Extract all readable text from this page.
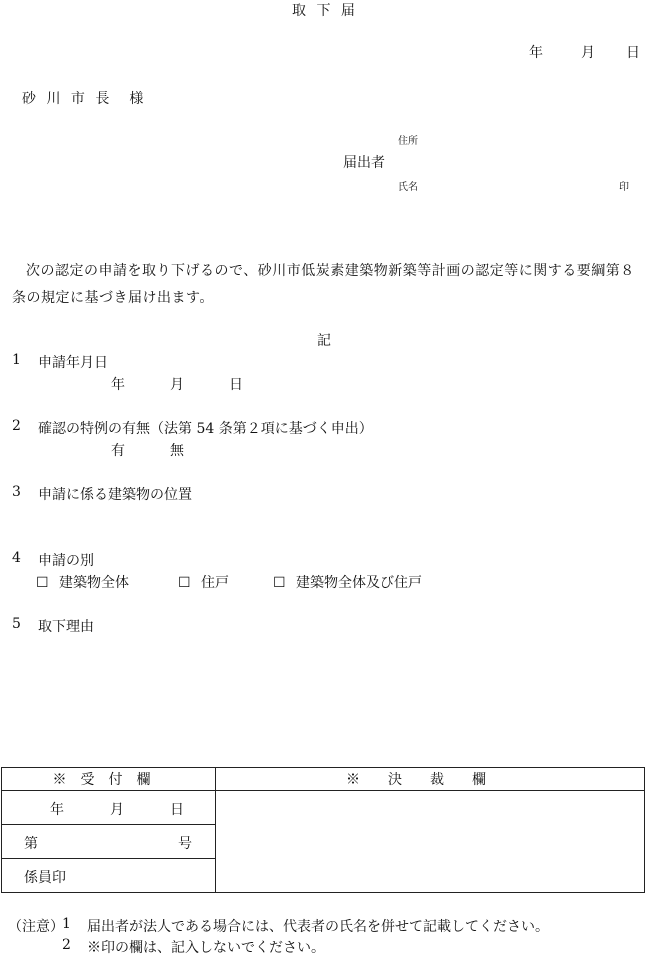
取 下 届
年	月 日
砂 川 市 長　様
住所
届出者
氏名	印
次の認定の申請を取り下げるので、砂川市低炭素建築物新築等計画の認定等に関する要綱第８条の規定に基づき届け出ます。
記
1 申請年月日
年	月	日
2 確認の特例の有無（法第 54 条第２項に基づく申出）
有	無
3 申請に係る建築物の位置
4 申請の別
☐ 建築物全体	☐ 住戸	☐ 建築物全体及び住戸
5 取下理由
※受付欄	※決裁欄

年 月 日	

第 号	

係員印	
（注意）
1 届出者が法人である場合には、代表者の氏名を併せて記載してください。
2 ※印の欄は、記入しないでください。
